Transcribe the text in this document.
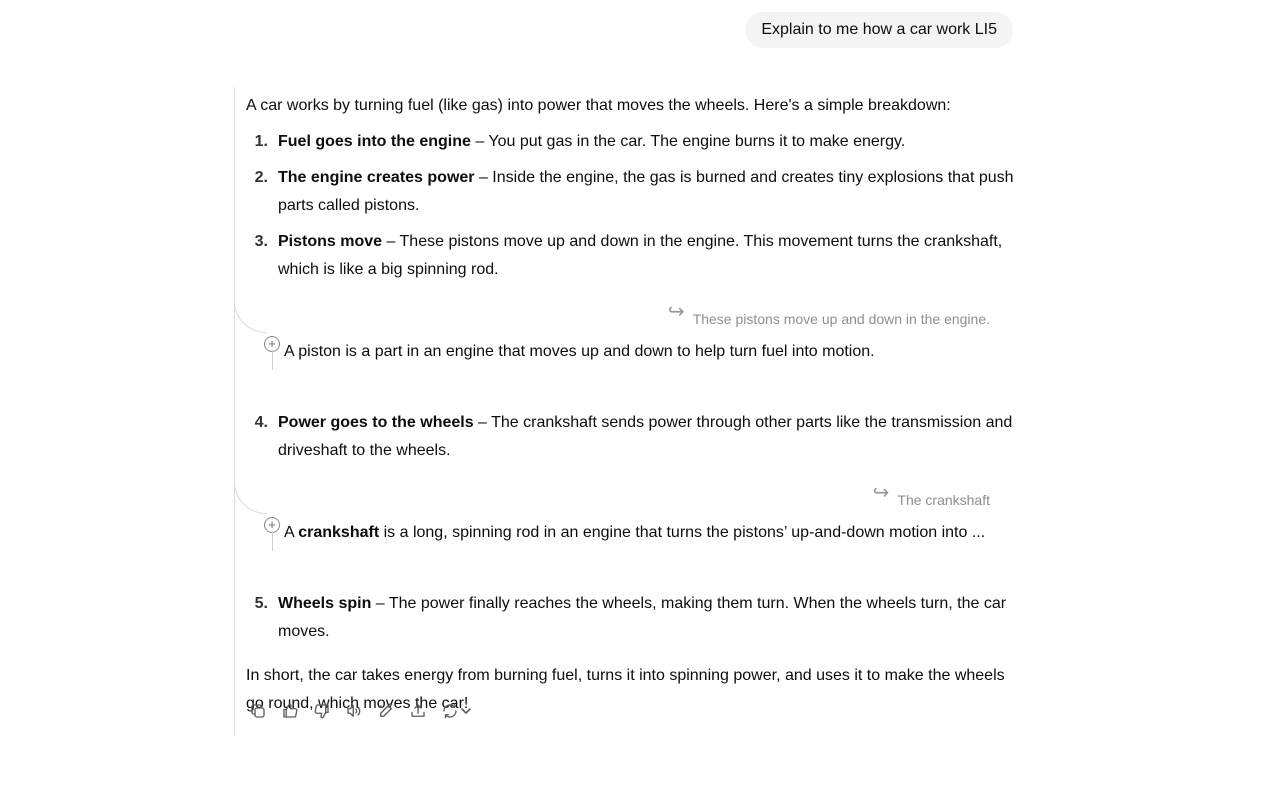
Explain to me how a car work LI5

A car works by turning fuel (like gas) into power that moves the wheels. Here's a simple breakdown:

1. Fuel goes into the engine – You put gas in the car. The engine burns it to make energy.
2. The engine creates power – Inside the engine, the gas is burned and creates tiny explosions that push parts called pistons.
3. Pistons move – These pistons move up and down in the engine. This movement turns the crankshaft, which is like a big spinning rod.
↪ These pistons move up and down in the engine.
+ A piston is a part in an engine that moves up and down to help turn fuel into motion.
4. Power goes to the wheels – The crankshaft sends power through other parts like the transmission and driveshaft to the wheels.
↪ The crankshaft
+ A crankshaft is a long, spinning rod in an engine that turns the pistons’ up-and-down motion into ...
5. Wheels spin – The power finally reaches the wheels, making them turn. When the wheels turn, the car moves.

In short, the car takes energy from burning fuel, turns it into spinning power, and uses it to make the wheels go round, which moves the car!
